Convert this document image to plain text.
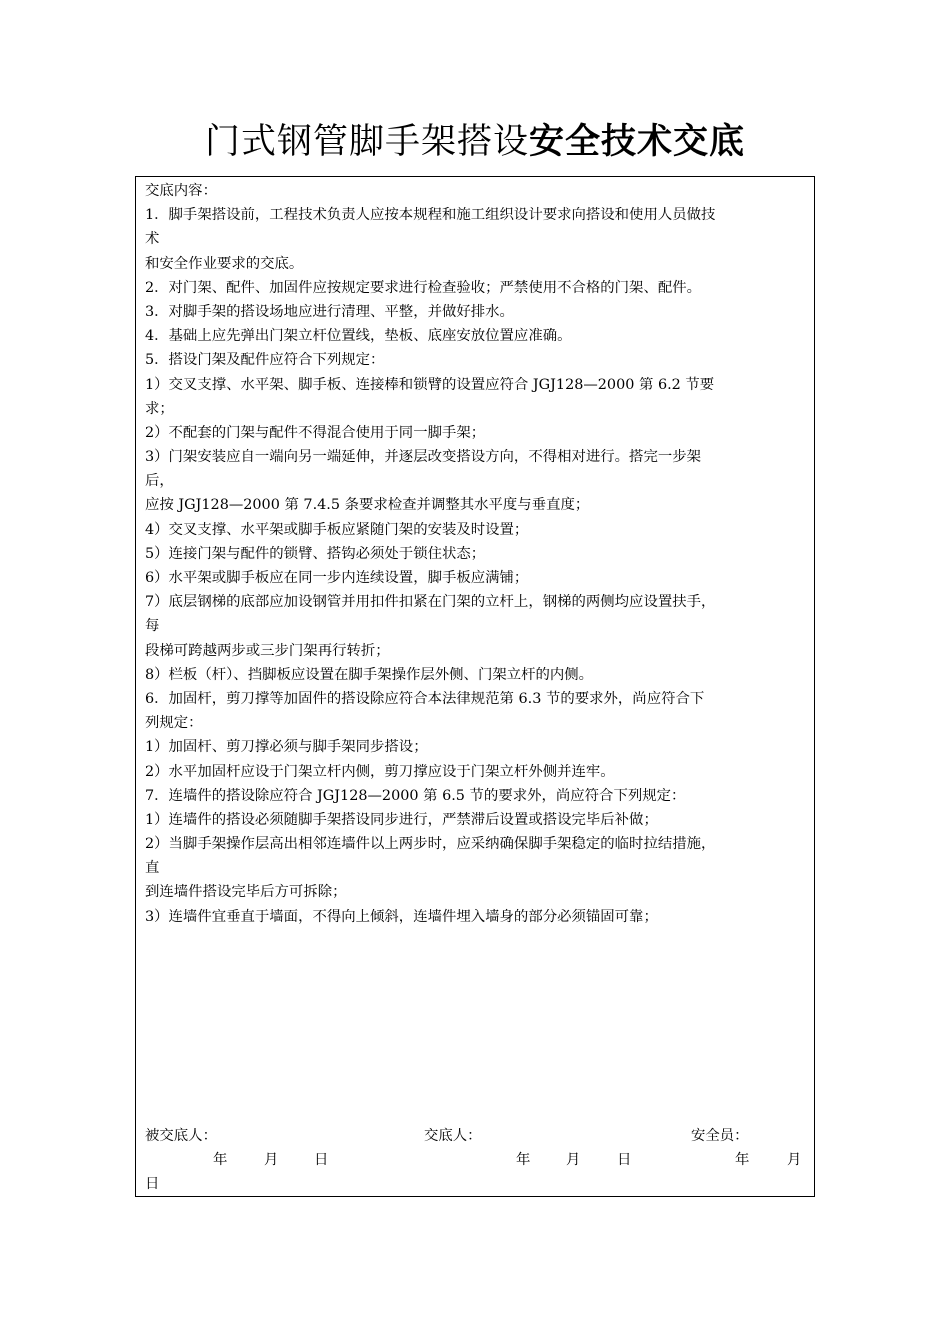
门式钢管脚手架搭设安全技术交底
交底内容：
1．脚手架搭设前，工程技术负责人应按本规程和施工组织设计要求向搭设和使用人员做技
术
和安全作业要求的交底。
2．对门架、配件、加固件应按规定要求进行检查验收；严禁使用不合格的门架、配件。
3．对脚手架的搭设场地应进行清理、平整，并做好排水。
4．基础上应先弹出门架立杆位置线，垫板、底座安放位置应准确。
5．搭设门架及配件应符合下列规定：
1）交叉支撑、水平架、脚手板、连接棒和锁臂的设置应符合 JGJ128—2000 第 6.2 节要
求；
2）不配套的门架与配件不得混合使用于同一脚手架；
3）门架安装应自一端向另一端延伸，并逐层改变搭设方向，不得相对进行。搭完一步架
后，
应按 JGJ128—2000 第 7.4.5 条要求检查并调整其水平度与垂直度；
4）交叉支撑、水平架或脚手板应紧随门架的安装及时设置；
5）连接门架与配件的锁臂、搭钩必须处于锁住状态；
6）水平架或脚手板应在同一步内连续设置，脚手板应满铺；
7）底层钢梯的底部应加设钢管并用扣件扣紧在门架的立杆上，钢梯的两侧均应设置扶手，
每
段梯可跨越两步或三步门架再行转折；
8）栏板（杆）、挡脚板应设置在脚手架操作层外侧、门架立杆的内侧。
6．加固杆，剪刀撑等加固件的搭设除应符合本法律规范第 6.3 节的要求外，尚应符合下
列规定：
1）加固杆、剪刀撑必须与脚手架同步搭设；
2）水平加固杆应设于门架立杆内侧，剪刀撑应设于门架立杆外侧并连牢。
7．连墙件的搭设除应符合 JGJ128—2000 第 6.5 节的要求外，尚应符合下列规定：
1）连墙件的搭设必须随脚手架搭设同步进行，严禁滞后设置或搭设完毕后补做；
2）当脚手架操作层高出相邻连墙件以上两步时，应采纳确保脚手架稳定的临时拉结措施，
直
到连墙件搭设完毕后方可拆除；
3）连墙件宜垂直于墙面，不得向上倾斜，连墙件埋入墙身的部分必须锚固可靠；
被交底人：	交底人：	安全员：
年	月 日	年 月	日	年	月
日
